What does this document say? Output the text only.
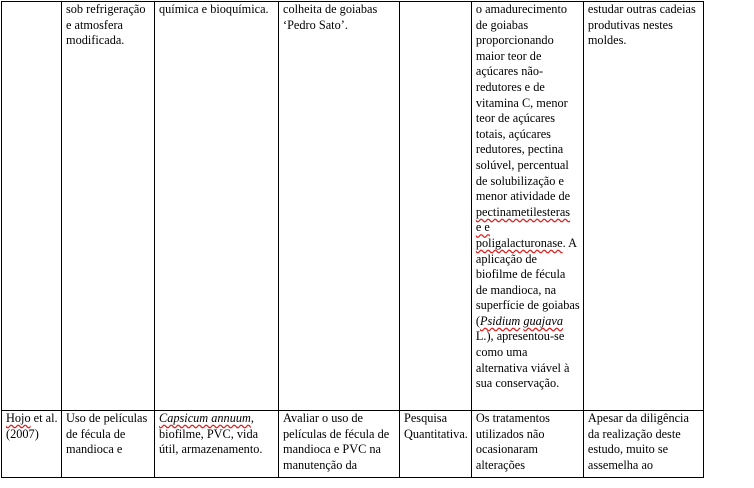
	sob refrigeração e atmosfera modificada.	química e bioquímica.	colheita de goiabas ‘Pedro Sato’.		o amadurecimento de goiabas proporcionando maior teor de açúcares não-redutores e de vitamina C, menor teor de açúcares totais, açúcares redutores, pectina solúvel, percentual de solubilização e menor atividade de
pectinametilesteras
e e
poligalacturonase. A aplicação de biofilme de fécula de mandioca, na superfície de goiabas (Psidium guajava L.), apresentou-se como uma alternativa viável à sua conservação.	estudar outras cadeias produtivas nestes moldes.
Hojo et al. (2007)	Uso de películas de fécula de mandioca e	Capsicum annuum, biofilme, PVC, vida útil, armazenamento.	Avaliar o uso de películas de fécula de mandioca e PVC na manutenção da	Pesquisa Quantitativa.	Os tratamentos utilizados não ocasionaram alterações	Apesar da diligência da realização deste estudo, muito se assemelha ao
